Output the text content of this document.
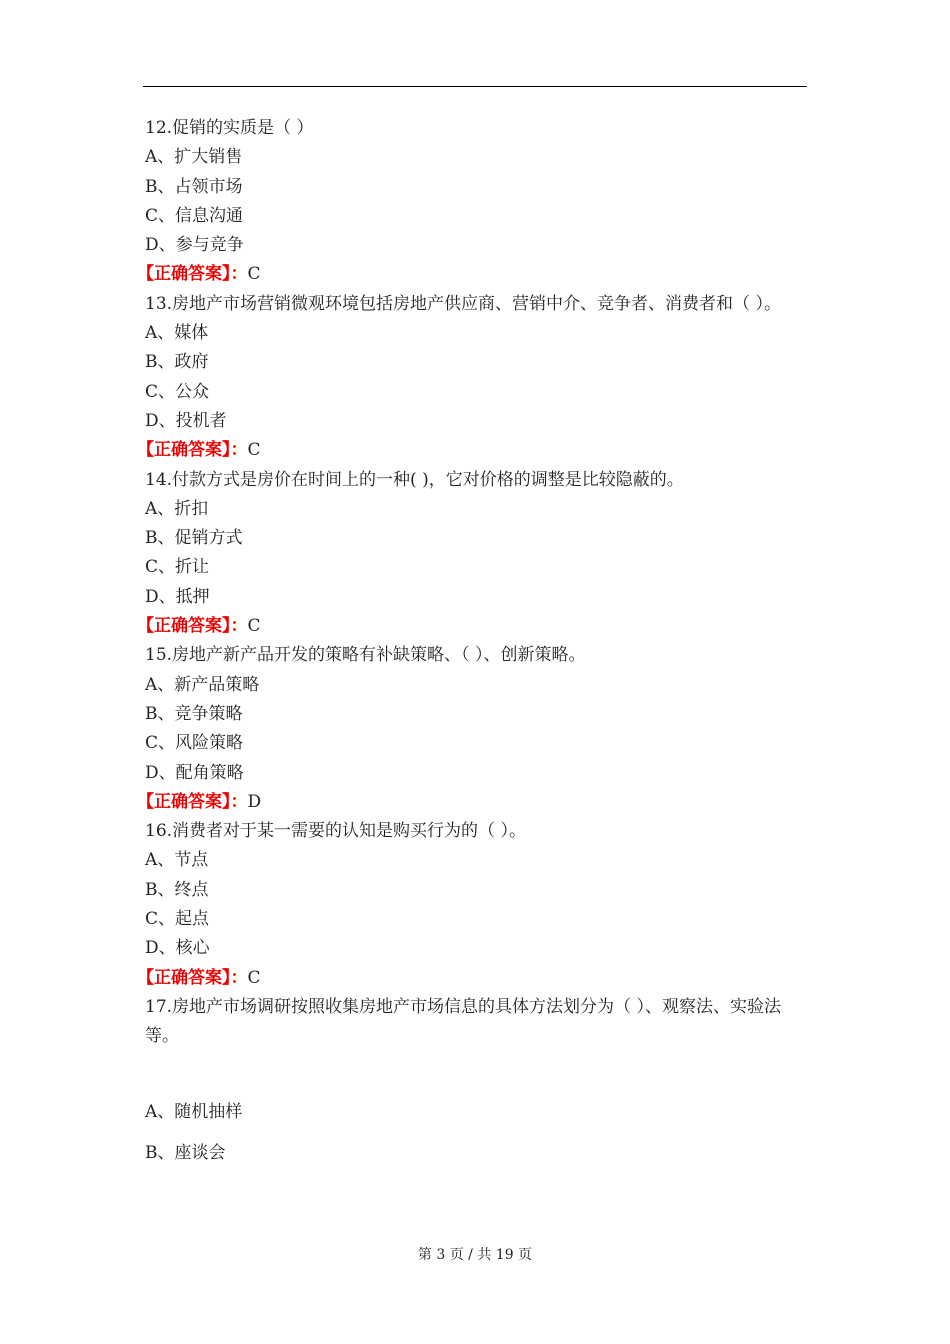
12.促销的实质是（ ）
A、扩大销售
B、占领市场
C、信息沟通
D、参与竞争
【正确答案】：C
13.房地产市场营销微观环境包括房地产供应商、营销中介、竞争者、消费者和（ ）。
A、媒体
B、政府
C、公众
D、投机者
【正确答案】：C
14.付款方式是房价在时间上的一种( )，它对价格的调整是比较隐蔽的。
A、折扣
B、促销方式
C、折让
D、抵押
【正确答案】：C
15.房地产新产品开发的策略有补缺策略、（ ）、创新策略。
A、新产品策略
B、竞争策略
C、风险策略
D、配角策略
【正确答案】：D
16.消费者对于某一需要的认知是购买行为的（ ）。
A、节点
B、终点
C、起点
D、核心
【正确答案】：C
17.房地产市场调研按照收集房地产市场信息的具体方法划分为（ ）、观察法、实验法等。
A、随机抽样
B、座谈会
第 3 页 / 共 19 页
